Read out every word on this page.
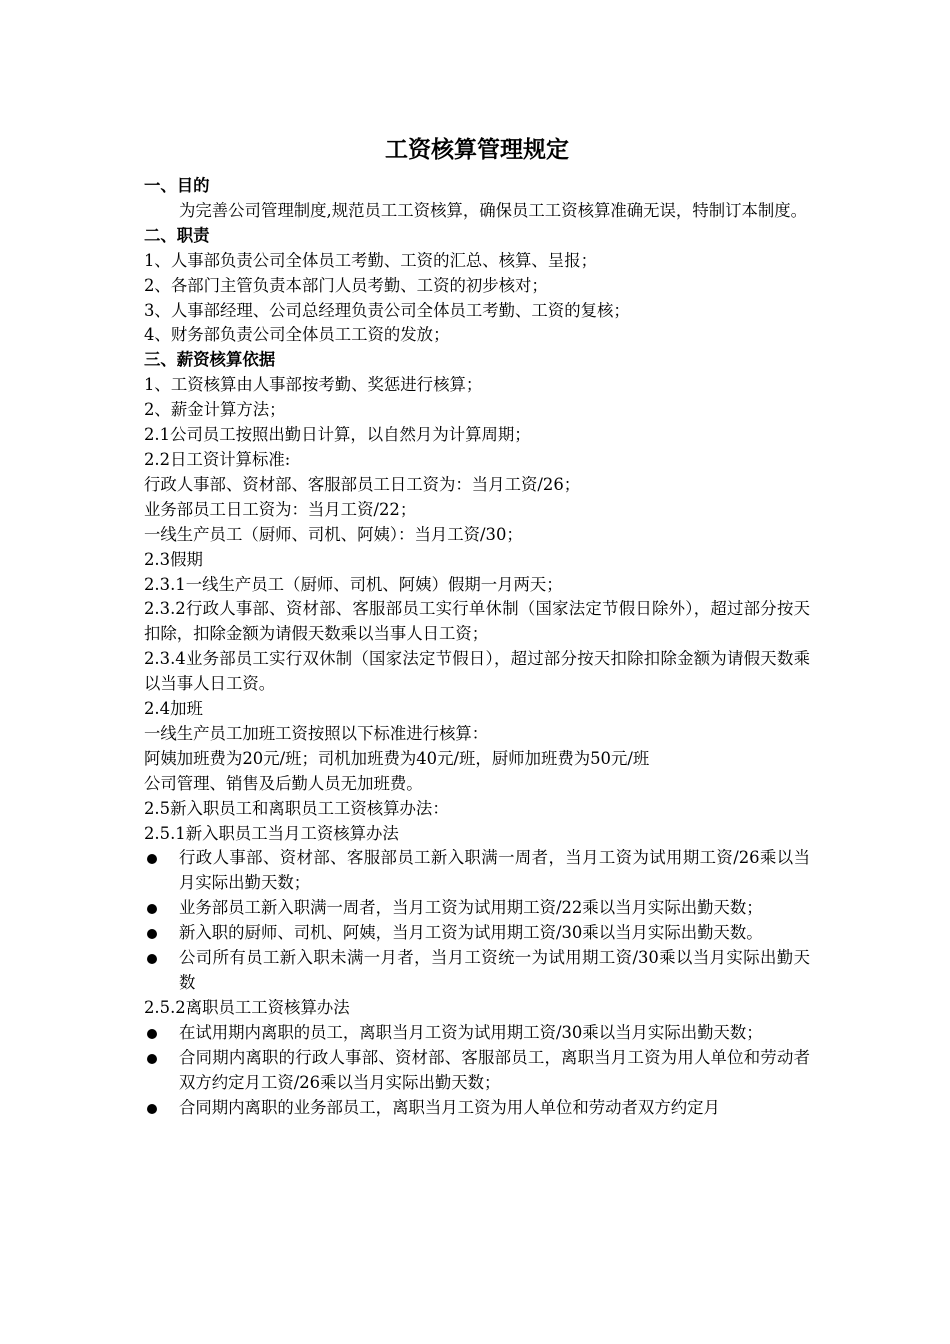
工资核算管理规定
一、目的

为完善公司管理制度,规范员工工资核算，确保员工工资核算准确无误，特制订本制度。

二、职责
1、人事部负责公司全体员工考勤、工资的汇总、核算、呈报；
2、各部门主管负责本部门人员考勤、工资的初步核对；
3、人事部经理、公司总经理负责公司全体员工考勤、工资的复核；
4、财务部负责公司全体员工工资的发放；
三、薪资核算依据
1、工资核算由人事部按考勤、奖惩进行核算；
2、薪金计算方法；
2.1公司员工按照出勤日计算，以自然月为计算周期；
2.2日工资计算标准:
行政人事部、资材部、客服部员工日工资为：当月工资/26；
业务部员工日工资为：当月工资/22；
一线生产员工（厨师、司机、阿姨）：当月工资/30；
2.3假期
2.3.1一线生产员工（厨师、司机、阿姨）假期一月两天；

2.3.2行政人事部、资材部、客服部员工实行单休制（国家法定节假日除外），超过部分按天扣除，扣除金额为请假天数乘以当事人日工资；

2.3.4业务部员工实行双休制（国家法定节假日），超过部分按天扣除扣除金额为请假天数乘以当事人日工资。

2.4加班
一线生产员工加班工资按照以下标准进行核算：
阿姨加班费为20元/班；司机加班费为40元/班，厨师加班费为50元/班
公司管理、销售及后勤人员无加班费。
2.5新入职员工和离职员工工资核算办法：
2.5.1新入职员工当月工资核算办法
行政人事部、资材部、客服部员工新入职满一周者，当月工资为试用期工资/26乘以当月实际出勤天数；
业务部员工新入职满一周者，当月工资为试用期工资/22乘以当月实际出勤天数；
新入职的厨师、司机、阿姨，当月工资为试用期工资/30乘以当月实际出勤天数。
公司所有员工新入职未满一月者，当月工资统一为试用期工资/30乘以当月实际出勤天数
2.5.2离职员工工资核算办法
在试用期内离职的员工，离职当月工资为试用期工资/30乘以当月实际出勤天数；
合同期内离职的行政人事部、资材部、客服部员工，离职当月工资为用人单位和劳动者双方约定月工资/26乘以当月实际出勤天数；
合同期内离职的业务部员工，离职当月工资为用人单位和劳动者双方约定月
